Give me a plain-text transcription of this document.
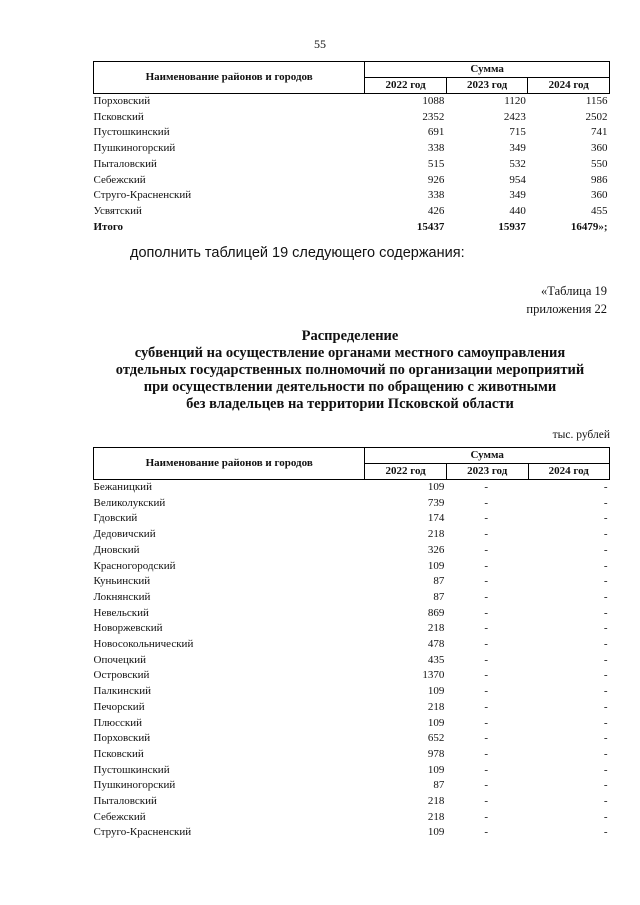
55
Наименование районов и городов	Сумма		
	2022 год	2023 год	2024 год
Порховский	1088	1120	1156
Псковский	2352	2423	2502
Пустошкинский	691	715	741
Пушкиногорский	338	349	360
Пыталовский	515	532	550
Себежский	926	954	986
Струго-Красненский	338	349	360
Усвятский	426	440	455
Итого	15437	15937	16479»;
дополнить таблицей 19 следующего содержания:
«Таблица 19
приложения 22
Распределение
субвенций на осуществление органами местного самоуправления
отдельных государственных полномочий по организации мероприятий
при осуществлении деятельности по обращению с животными
без владельцев на территории Псковской области
тыс. рублей
Наименование районов и городов	Сумма		
	2022 год	2023 год	2024 год
Бежаницкий	109	-	-
Великолукский	739	-	-
Гдовский	174	-	-
Дедовичский	218	-	-
Дновский	326	-	-
Красногородский	109	-	-
Куньинский	87	-	-
Локнянский	87	-	-
Невельский	869	-	-
Новоржевский	218	-	-
Новосокольнический	478	-	-
Опочецкий	435	-	-
Островский	1370	-	-
Палкинский	109	-	-
Печорский	218	-	-
Плюсский	109	-	-
Порховский	652	-	-
Псковский	978	-	-
Пустошкинский	109	-	-
Пушкиногорский	87	-	-
Пыталовский	218	-	-
Себежский	218	-	-
Струго-Красненский	109	-	-
